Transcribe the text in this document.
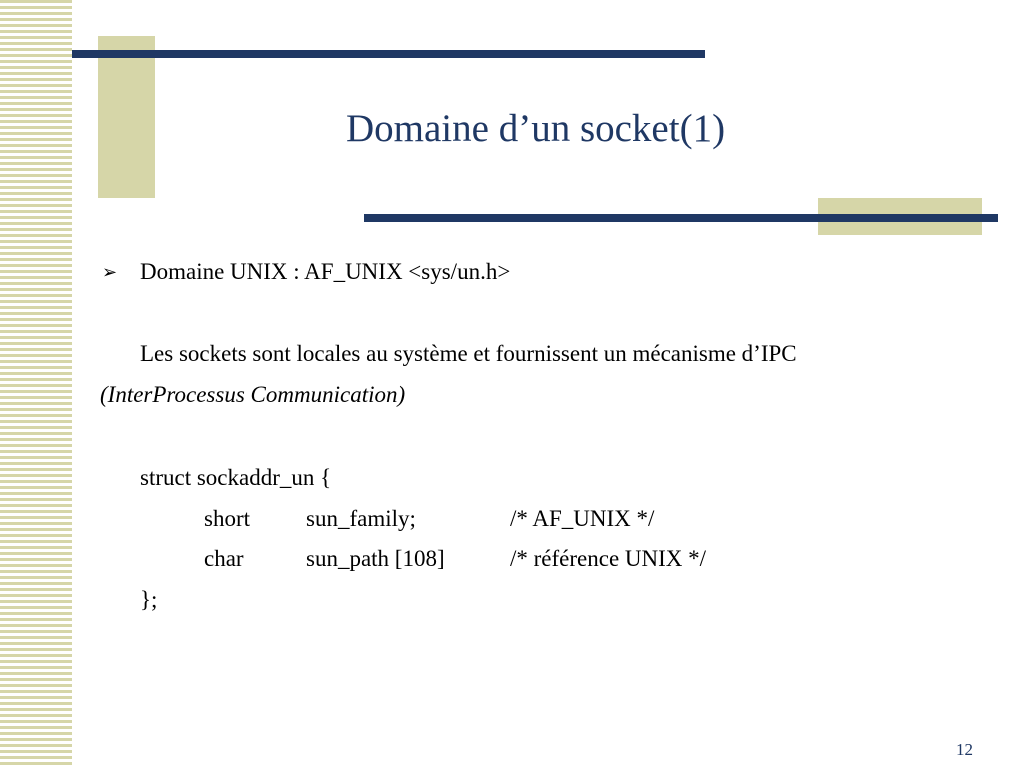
Domaine d’un socket(1)
➢ Domaine UNIX : AF_UNIX <sys/un.h>

Les sockets sont locales au système et fournissent un mécanisme d’IPC

(InterProcessus Communication)

struct sockaddr_un {

short sun_family;	/* AF_UNIX */
char	sun_path [108]	/* référence UNIX */

};

12
